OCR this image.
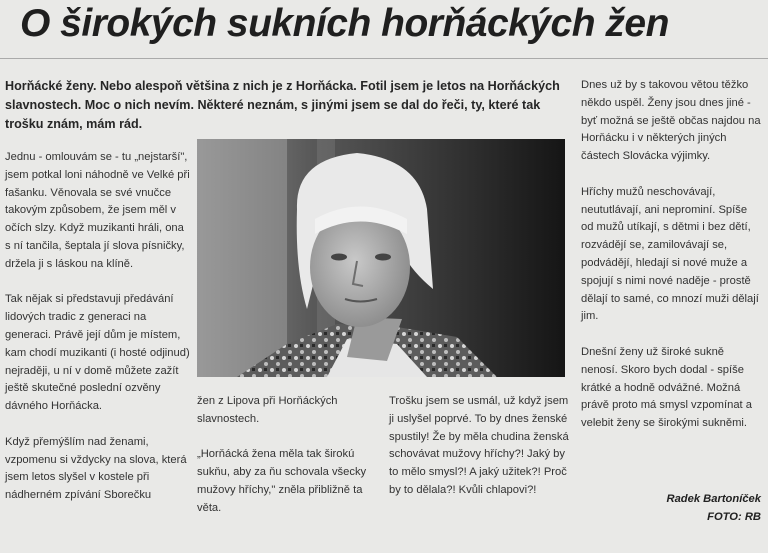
O širokých sukních horňáckých žen

Horňácké ženy. Nebo alespoň většina z nich je z Horňácka. Fotil jsem je letos na Horňáckých slavnostech. Moc o nich nevím. Některé neznám, s jinými jsem se dal do řeči, ty, které tak trošku znám, mám rád.

Jednu - omlouvám se - tu „nejstarší", jsem potkal loni náhodně ve Velké při fašanku. Věnovala se své vnučce takovým způsobem, že jsem měl v očích slzy. Když muzikanti hráli, ona s ní tančila, šeptala jí slova písničky, držela ji s láskou na klíně.

Tak nějak si představuji předávání lidových tradic z generaci na generaci. Právě její dům je místem, kam chodí muzikanti (i hosté odjinud) nejraději, u ní v domě můžete zažít ještě skutečné poslední ozvěny dávného Horňácka.

Když přemýšlím nad ženami, vzpomenu si vždycky na slova, která jsem letos slyšel v kostele při nádherném zpívání Sborečku

žen z Lipova při Horňáckých slavnostech.

„Horňácká žena měla tak širokú sukňu, aby za ňu schovala všecky mužovy hříchy," zněla přibližně ta věta.

Trošku jsem se usmál, už když jsem ji uslyšel poprvé. To by dnes ženské spustily! Že by měla chudina ženská schovávat mužovy hříchy?! Jaký by to mělo smysl?! A jaký užitek?! Proč by to dělala?! Kvůli chlapovi?!

Dnes už by s takovou větou těžko někdo uspěl. Ženy jsou dnes jiné - byť možná se ještě občas najdou na Horňácku i v některých jiných částech Slovácka výjimky.

Hříchy mužů neschovávají, neututlávají, ani neprominí. Spíše od mužů utíkají, s dětmi i bez dětí, rozvádějí se, zamilovávají se, podvádějí, hledají si nové muže a spojují s nimi nové naděje - prostě dělají to samé, co mnozí muži dělají jim.

Dnešní ženy už široké sukně nenosí. Skoro bych dodal - spíše krátké a hodně odvážné. Možná právě proto má smysl vzpomínat a velebit ženy se širokými sukněmi.

Radek Bartoníček
FOTO: RB
